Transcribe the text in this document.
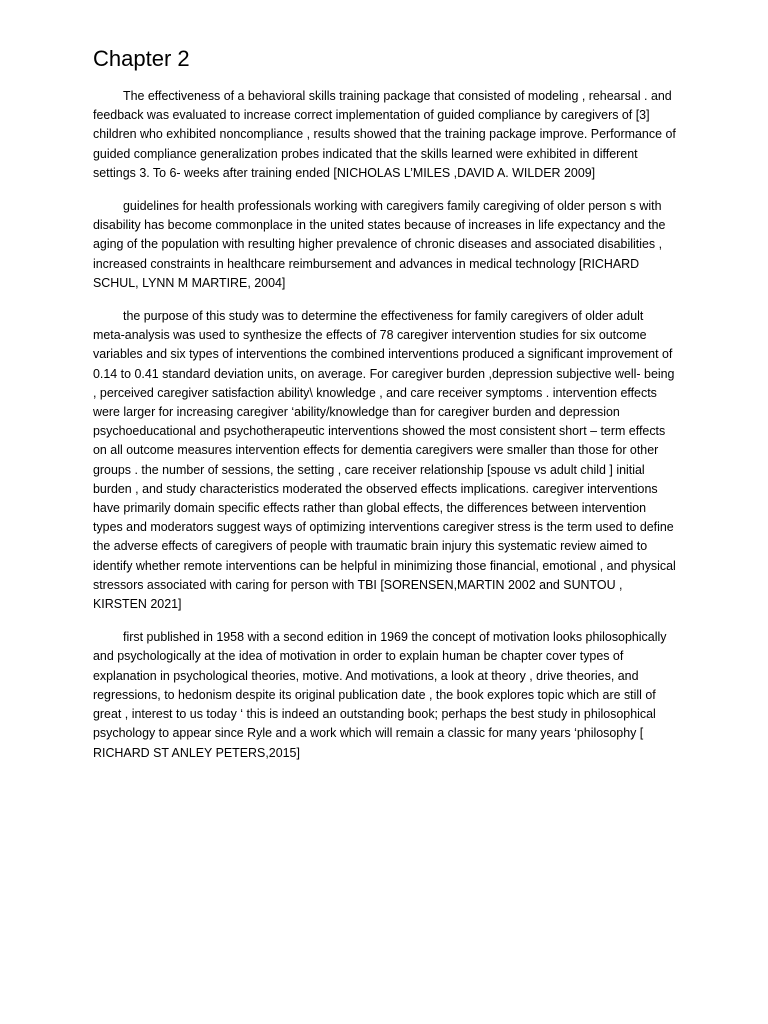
Chapter 2

The effectiveness of a behavioral skills training package that consisted of modeling , rehearsal . and feedback was evaluated to increase correct implementation of guided compliance by caregivers of [3] children who exhibited noncompliance , results showed that the training package improve. Performance of guided compliance generalization probes indicated that the skills learned were exhibited in different settings 3. To 6- weeks after training ended [NICHOLAS L’MILES ,DAVID A. WILDER 2009]

guidelines for health professionals working with caregivers family caregiving of older person s with disability has become commonplace in the united states because of increases in life expectancy and the aging of the population with resulting higher prevalence of chronic diseases and associated disabilities , increased constraints in healthcare reimbursement and advances in medical technology [RICHARD SCHUL, LYNN M MARTIRE, 2004]

the purpose of this study was to determine the effectiveness for family caregivers of older adult meta-analysis was used to synthesize the effects of 78 caregiver intervention studies for six outcome variables and six types of interventions the combined interventions produced a significant improvement of 0.14 to 0.41 standard deviation units, on average. For caregiver burden ,depression subjective well- being , perceived caregiver satisfaction ability\ knowledge , and care receiver symptoms . intervention effects were larger for increasing caregiver ‘ability/knowledge than for caregiver burden and depression psychoeducational and psychotherapeutic interventions showed the most consistent short – term effects on all outcome measures intervention effects for dementia caregivers were smaller than those for other groups . the number of sessions, the setting , care receiver relationship [spouse vs adult child ] initial burden , and study characteristics moderated the observed effects implications. caregiver interventions have primarily domain specific effects rather than global effects, the differences between intervention types and moderators suggest ways of optimizing interventions caregiver stress is the term used to define the adverse effects of caregivers of people with traumatic brain injury this systematic review aimed to identify whether remote interventions can be helpful in minimizing those financial, emotional , and physical stressors associated with caring for person with TBI [SORENSEN,MARTIN 2002 and SUNTOU , KIRSTEN 2021]

first published in 1958 with a second edition in 1969 the concept of motivation looks philosophically and psychologically at the idea of motivation in order to explain human be chapter cover types of explanation in psychological theories, motive. And motivations, a look at theory , drive theories, and regressions, to hedonism despite its original publication date , the book explores topic which are still of great , interest to us today ‘ this is indeed an outstanding book; perhaps the best study in philosophical psychology to appear since Ryle and a work which will remain a classic for many years ‘philosophy [ RICHARD ST ANLEY PETERS,2015]
